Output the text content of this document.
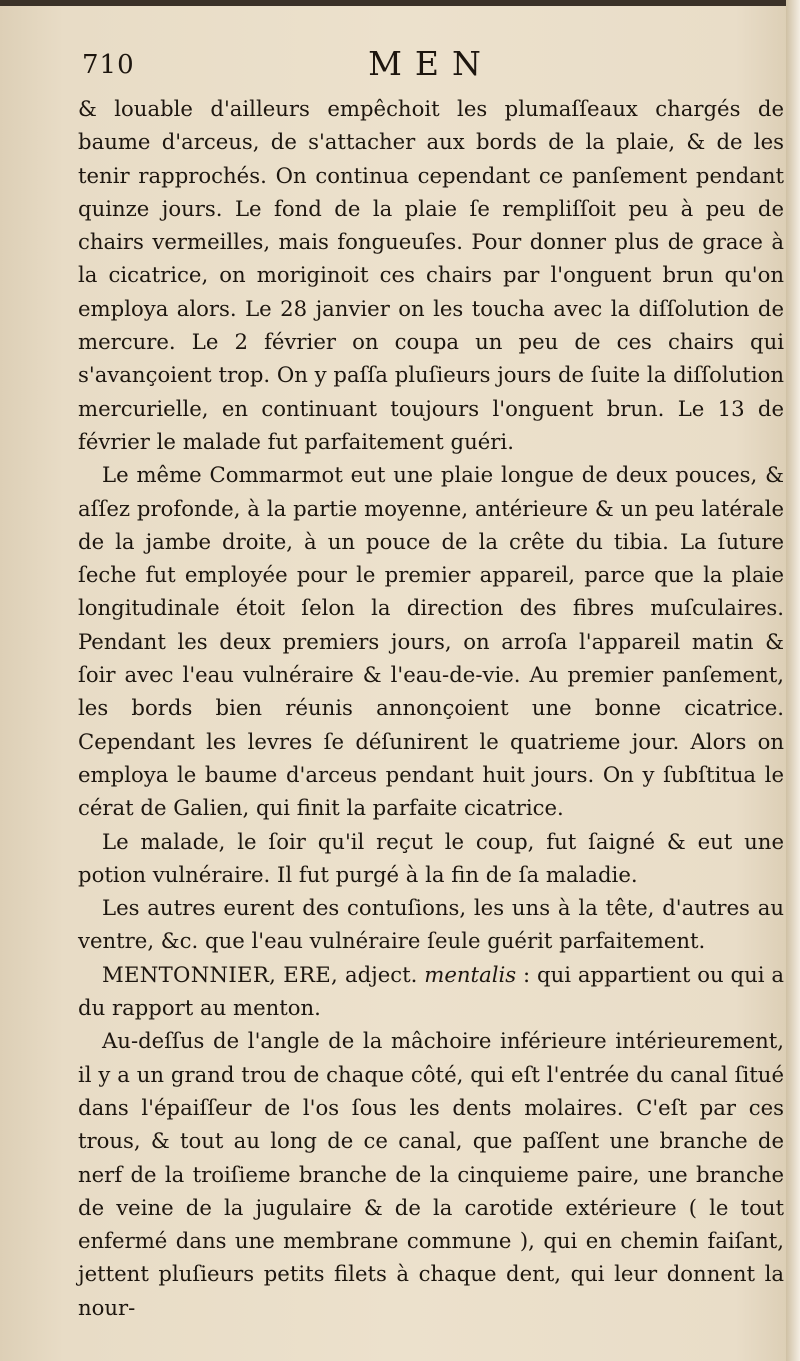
710	MEN

& louable d'ailleurs empêchoit les plumaſſeaux chargés de baume d'arceus, de s'attacher aux bords de la plaie, & de les tenir rapprochés. On continua cependant ce panſement pendant quinze jours. Le fond de la plaie ſe rempliſſoit peu à peu de chairs vermeilles, mais fongueuſes. Pour donner plus de grace à la cicatrice, on moriginoit ces chairs par l'onguent brun qu'on employa alors. Le 28 janvier on les toucha avec la diſſolution de mercure. Le 2 février on coupa un peu de ces chairs qui s'avançoient trop. On y paſſa pluſieurs jours de ſuite la diſſolution mercurielle, en continuant toujours l'onguent brun. Le 13 de février le malade fut parfaitement guéri.

Le même Commarmot eut une plaie longue de deux pouces, & aſſez profonde, à la partie moyenne, antérieure & un peu latérale de la jambe droite, à un pouce de la crête du tibia. La ſuture ſeche fut employée pour le premier appareil, parce que la plaie longitudinale étoit ſelon la direction des fibres muſculaires. Pendant les deux premiers jours, on arroſa l'appareil matin & ſoir avec l'eau vulnéraire & l'eau-de-vie. Au premier panſement, les bords bien réunis annonçoient une bonne cicatrice. Cependant les levres ſe déſunirent le quatrieme jour. Alors on employa le baume d'arceus pendant huit jours. On y ſubſtitua le cérat de Galien, qui finit la parfaite cicatrice.

Le malade, le ſoir qu'il reçut le coup, fut ſaigné & eut une potion vulnéraire. Il fut purgé à la fin de ſa maladie.

Les autres eurent des contuſions, les uns à la tête, d'autres au ventre, &c. que l'eau vulnéraire ſeule guérit parfaitement.

MENTONNIER, ERE, adject. mentalis : qui appartient ou qui a du rapport au menton.

Au-deſſus de l'angle de la mâchoire inférieure intérieurement, il y a un grand trou de chaque côté, qui eſt l'entrée du canal ſitué dans l'épaiſſeur de l'os ſous les dents molaires. C'eſt par ces trous, & tout au long de ce canal, que paſſent une branche de nerf de la troiſieme branche de la cinquieme paire, une branche de veine de la jugulaire & de la carotide extérieure ( le tout enfermé dans une membrane commune ), qui en chemin faiſant, jettent pluſieurs petits filets à chaque dent, qui leur donnent la nour-
